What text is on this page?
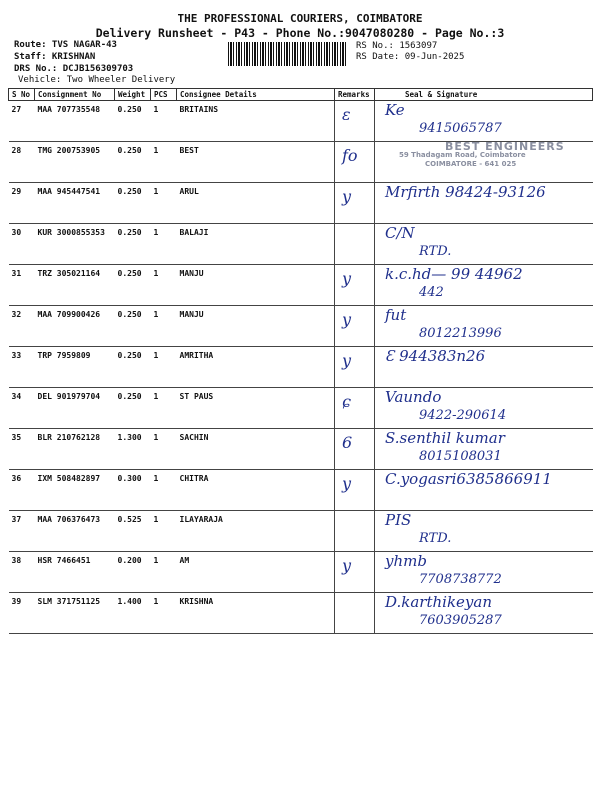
THE PROFESSIONAL COURIERS, COIMBATORE
Delivery Runsheet - P43 - Phone No.:9047080280 - Page No.:3
Route: TVS NAGAR-43
Staff: KRISHNAN
DRS No.: DCJB156309703
Vehicle: Two Wheeler Delivery
RS No.: 1563097
RS Date: 09-Jun-2025
S No	Consignment No	Weight	PCS	Consignee Details	Remarks	Seal & Signature
27	MAA 707735548	0.250	1	BRITAINS	ɛ	Ke
9415065787

28	TMG 200753905	0.250	1	BEST	fo	BEST ENGINEERS
59 Thadagam Road, Coimbatore
COIMBATORE - 641 025

29	MAA 945447541	0.250	1	ARUL	y	Mrfirth 98424-93126

30	KUR 3000855353	0.250	1	BALAJI		C/N
RTD.

31	TRZ 305021164	0.250	1	MANJU	y	k.c.hd— 99 44962
442

32	MAA 709900426	0.250	1	MANJU	y	fut
8012213996

33	TRP 7959809	0.250	1	AMRITHA	y	Ɛ 944383n26

34	DEL 901979704	0.250	1	ST PAUS	ɕ	Vaundo
9422-290614

35	BLR 210762128	1.300	1	SACHIN	6	S.senthil kumar
8015108031

36	IXM 508482897	0.300	1	CHITRA	y	C.yogasri6385866911

37	MAA 706376473	0.525	1	ILAYARAJA		PIS
RTD.

38	HSR 7466451	0.200	1	AM	y	yhmb
7708738772

39	SLM 371751125	1.400	1	KRISHNA		D.karthikeyan
7603905287
